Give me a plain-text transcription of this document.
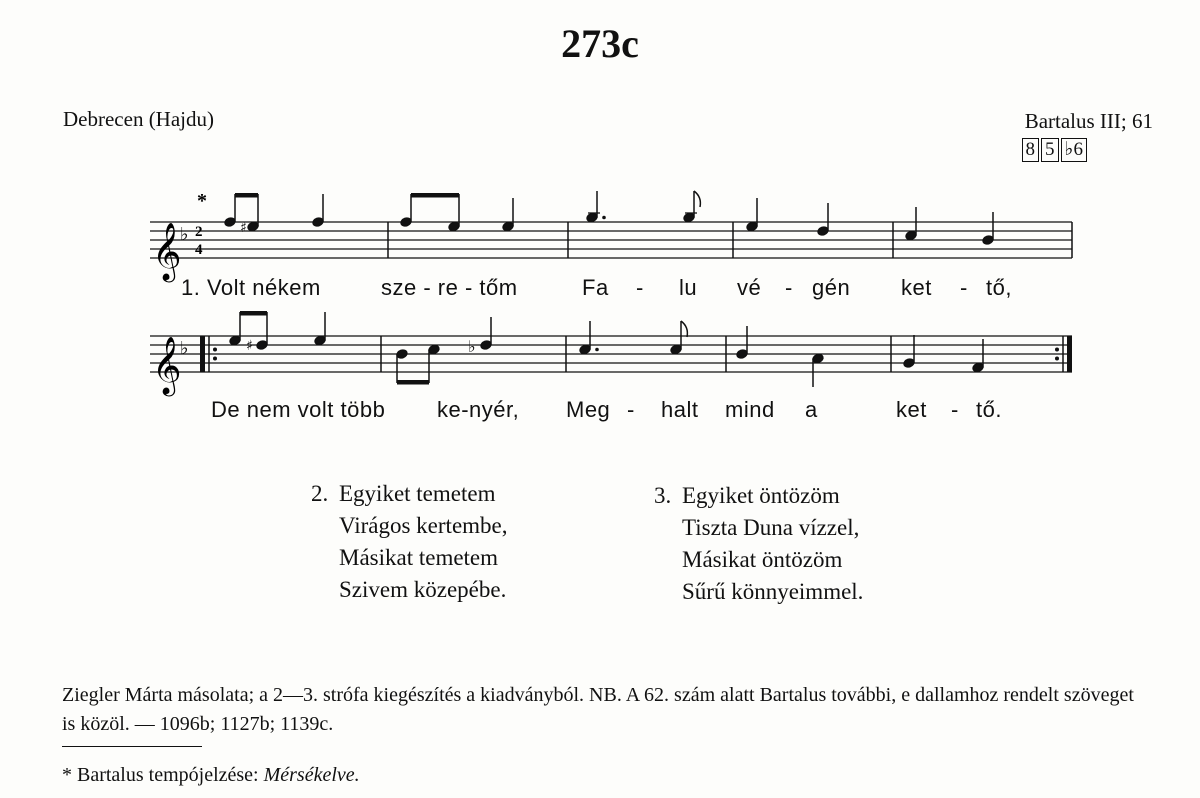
273c
Debrecen (Hajdu)	Bartalus III; 61
8 5 ♭6
*
𝄞
𝄞
♭
♭
2
4
♯
♯	♭
1. Volt nékem	sze - re - tőm	Fa - lu vé - gén ket - tő,
De nem volt több ke-nyér, Meg - halt mind a	ket - tő.
2. Egyiket temetem
Virágos kertembe,
Másikat temetem
Szivem közepébe.
3. Egyiket öntözöm
Tiszta Duna vízzel,
Másikat öntözöm
Sűrű könnyeimmel.
Ziegler Márta másolata; a 2—3. strófa kiegészítés a kiadványból. NB. A 62. szám alatt Bartalus további, e dallamhoz rendelt szöveget is közöl. — 1096b; 1127b; 1139c.
* Bartalus tempójelzése: Mérsékelve.
